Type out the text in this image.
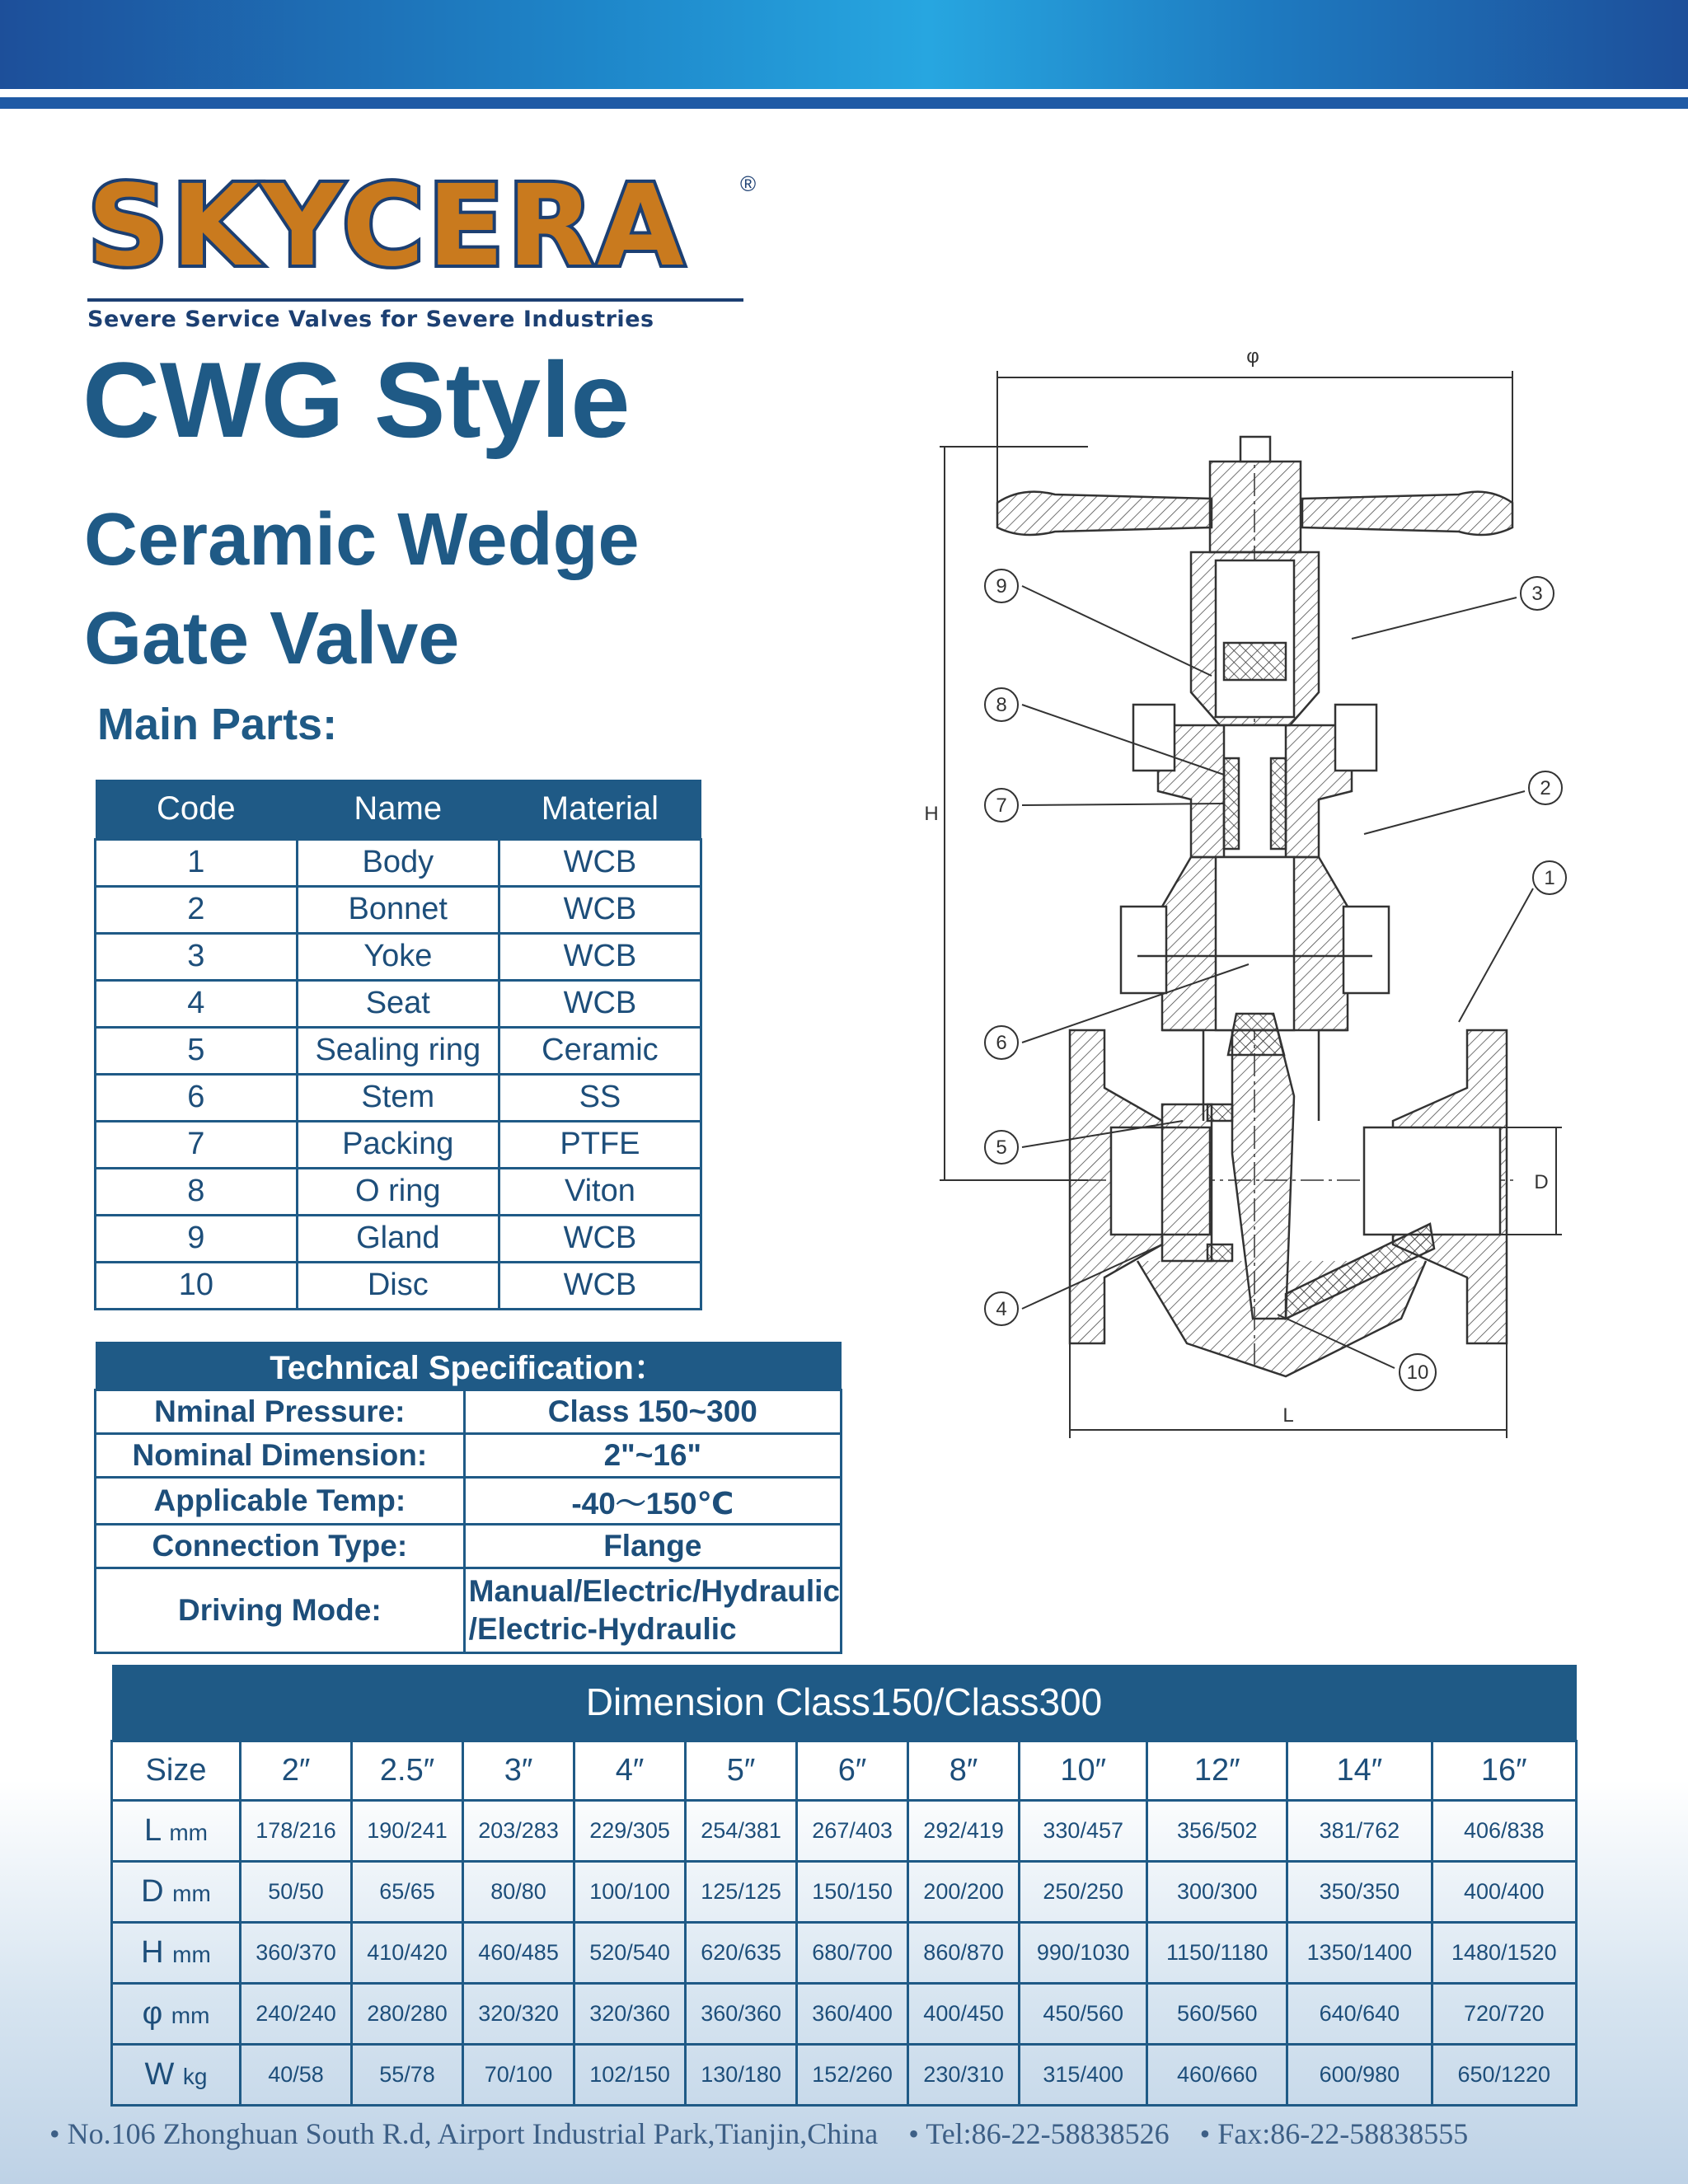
SKYCERA ®
Severe Service Valves for Severe Industries
CWG Style
Ceramic Wedge
Gate Valve
Main Parts:
Code	Name	Material
1	Body	WCB
2	Bonnet	WCB
3	Yoke	WCB
4	Seat	WCB
5	Sealing ring	Ceramic
6	Stem	SS
7	Packing	PTFE
8	O ring	Viton
9	Gland	WCB
10	Disc	WCB
Technical Specification：	
Nminal Pressure:	Class 150~300
Nominal Dimension:	2"~16"
Applicable Temp:	-40～150℃
Connection Type:	Flange
Driving Mode:	Manual/Electric/Hydraulic
/Electric-Hydraulic
φ
H
D
L
1
2
3
4
5
6
7
8
9
10
Dimension Class150/Class300											
Size	2″	2.5″	3″	4″	5″	6″	8″	10″	12″	14″	16″
L mm	178/216	190/241	203/283	229/305	254/381	267/403	292/419	330/457	356/502	381/762	406/838
D mm	50/50	65/65	80/80	100/100	125/125	150/150	200/200	250/250	300/300	350/350	400/400
H mm	360/370	410/420	460/485	520/540	620/635	680/700	860/870	990/1030	1150/1180	1350/1400	1480/1520
φ mm	240/240	280/280	320/320	320/360	360/360	360/400	400/450	450/560	560/560	640/640	720/720
W kg	40/58	55/78	70/100	102/150	130/180	152/260	230/310	315/400	460/660	600/980	650/1220
• No.106 Zhonghuan South R.d, Airport Industrial Park,Tianjin,China • Tel:86-22-58838526 • Fax:86-22-58838555
